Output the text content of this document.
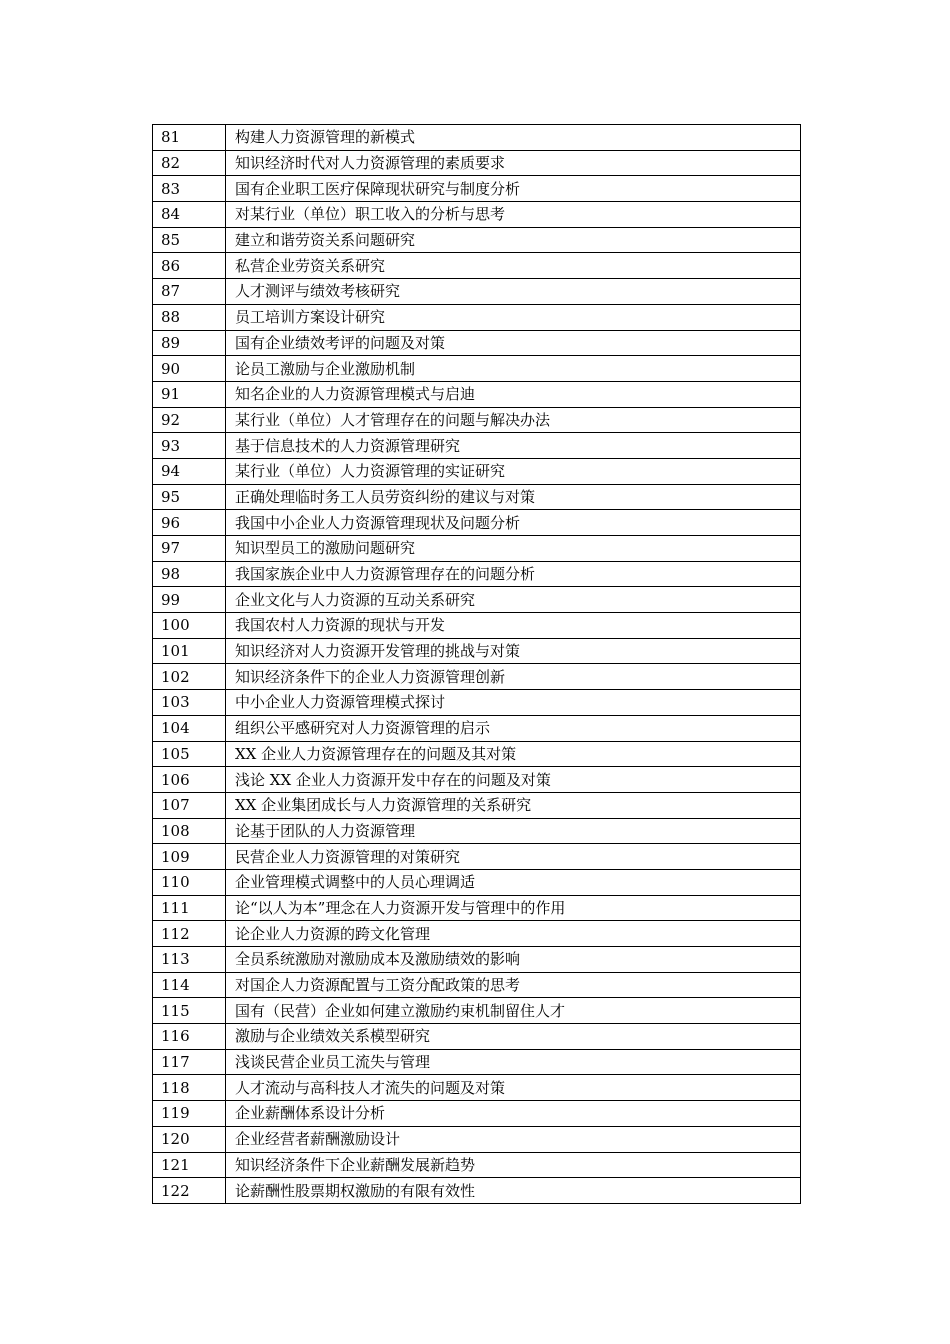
81	构建人力资源管理的新模式
82	知识经济时代对人力资源管理的素质要求
83	国有企业职工医疗保障现状研究与制度分析
84	对某行业（单位）职工收入的分析与思考
85	建立和谐劳资关系问题研究
86	私营企业劳资关系研究
87	人才测评与绩效考核研究
88	员工培训方案设计研究
89	国有企业绩效考评的问题及对策
90	论员工激励与企业激励机制
91	知名企业的人力资源管理模式与启迪
92	某行业（单位）人才管理存在的问题与解决办法
93	基于信息技术的人力资源管理研究
94	某行业（单位）人力资源管理的实证研究
95	正确处理临时务工人员劳资纠纷的建议与对策
96	我国中小企业人力资源管理现状及问题分析
97	知识型员工的激励问题研究
98	我国家族企业中人力资源管理存在的问题分析
99	企业文化与人力资源的互动关系研究
100	我国农村人力资源的现状与开发
101	知识经济对人力资源开发管理的挑战与对策
102	知识经济条件下的企业人力资源管理创新
103	中小企业人力资源管理模式探讨
104	组织公平感研究对人力资源管理的启示
105	XX 企业人力资源管理存在的问题及其对策
106	浅论 XX 企业人力资源开发中存在的问题及对策
107	XX 企业集团成长与人力资源管理的关系研究
108	论基于团队的人力资源管理
109	民营企业人力资源管理的对策研究
110	企业管理模式调整中的人员心理调适
111	论“以人为本”理念在人力资源开发与管理中的作用
112	论企业人力资源的跨文化管理
113	全员系统激励对激励成本及激励绩效的影响
114	对国企人力资源配置与工资分配政策的思考
115	国有（民营）企业如何建立激励约束机制留住人才
116	激励与企业绩效关系模型研究
117	浅谈民营企业员工流失与管理
118	人才流动与高科技人才流失的问题及对策
119	企业薪酬体系设计分析
120	企业经营者薪酬激励设计
121	知识经济条件下企业薪酬发展新趋势
122	论薪酬性股票期权激励的有限有效性
